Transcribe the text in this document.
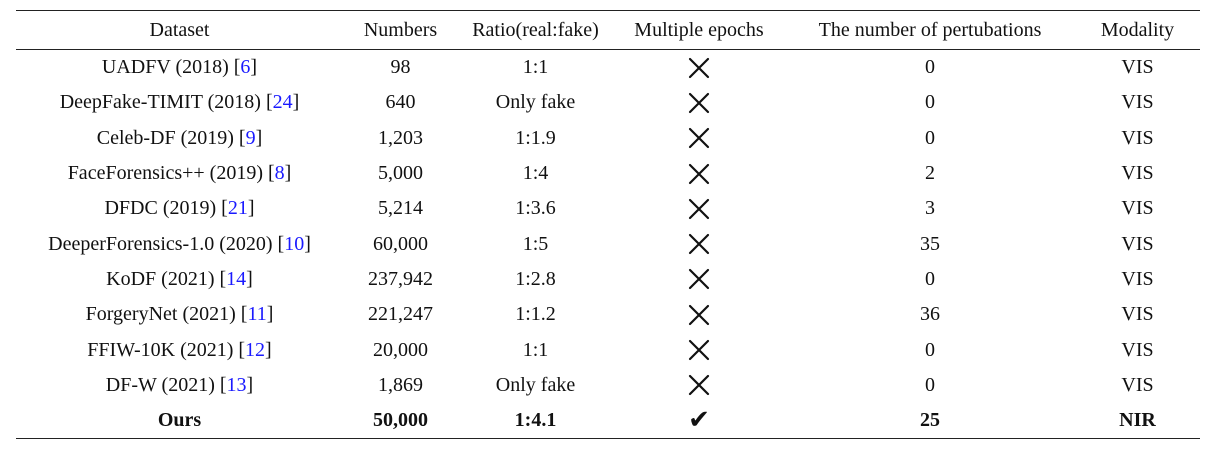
Dataset	Numbers	Ratio(real:fake)	Multiple epochs	The number of pertubations	Modality
UADFV (2018) [6]	98	1:1		0	VIS
DeepFake-TIMIT (2018) [24]	640	Only fake		0	VIS
Celeb-DF (2019) [9]	1,203	1:1.9		0	VIS
FaceForensics++ (2019) [8]	5,000	1:4		2	VIS
DFDC (2019) [21]	5,214	1:3.6		3	VIS
DeeperForensics-1.0 (2020) [10]	60,000	1:5		35	VIS
KoDF (2021) [14]	237,942	1:2.8		0	VIS
ForgeryNet (2021) [11]	221,247	1:1.2		36	VIS
FFIW-10K (2021) [12]	20,000	1:1		0	VIS
DF-W (2021) [13]	1,869	Only fake		0	VIS
Ours	50,000	1:4.1	✔	25	NIR
